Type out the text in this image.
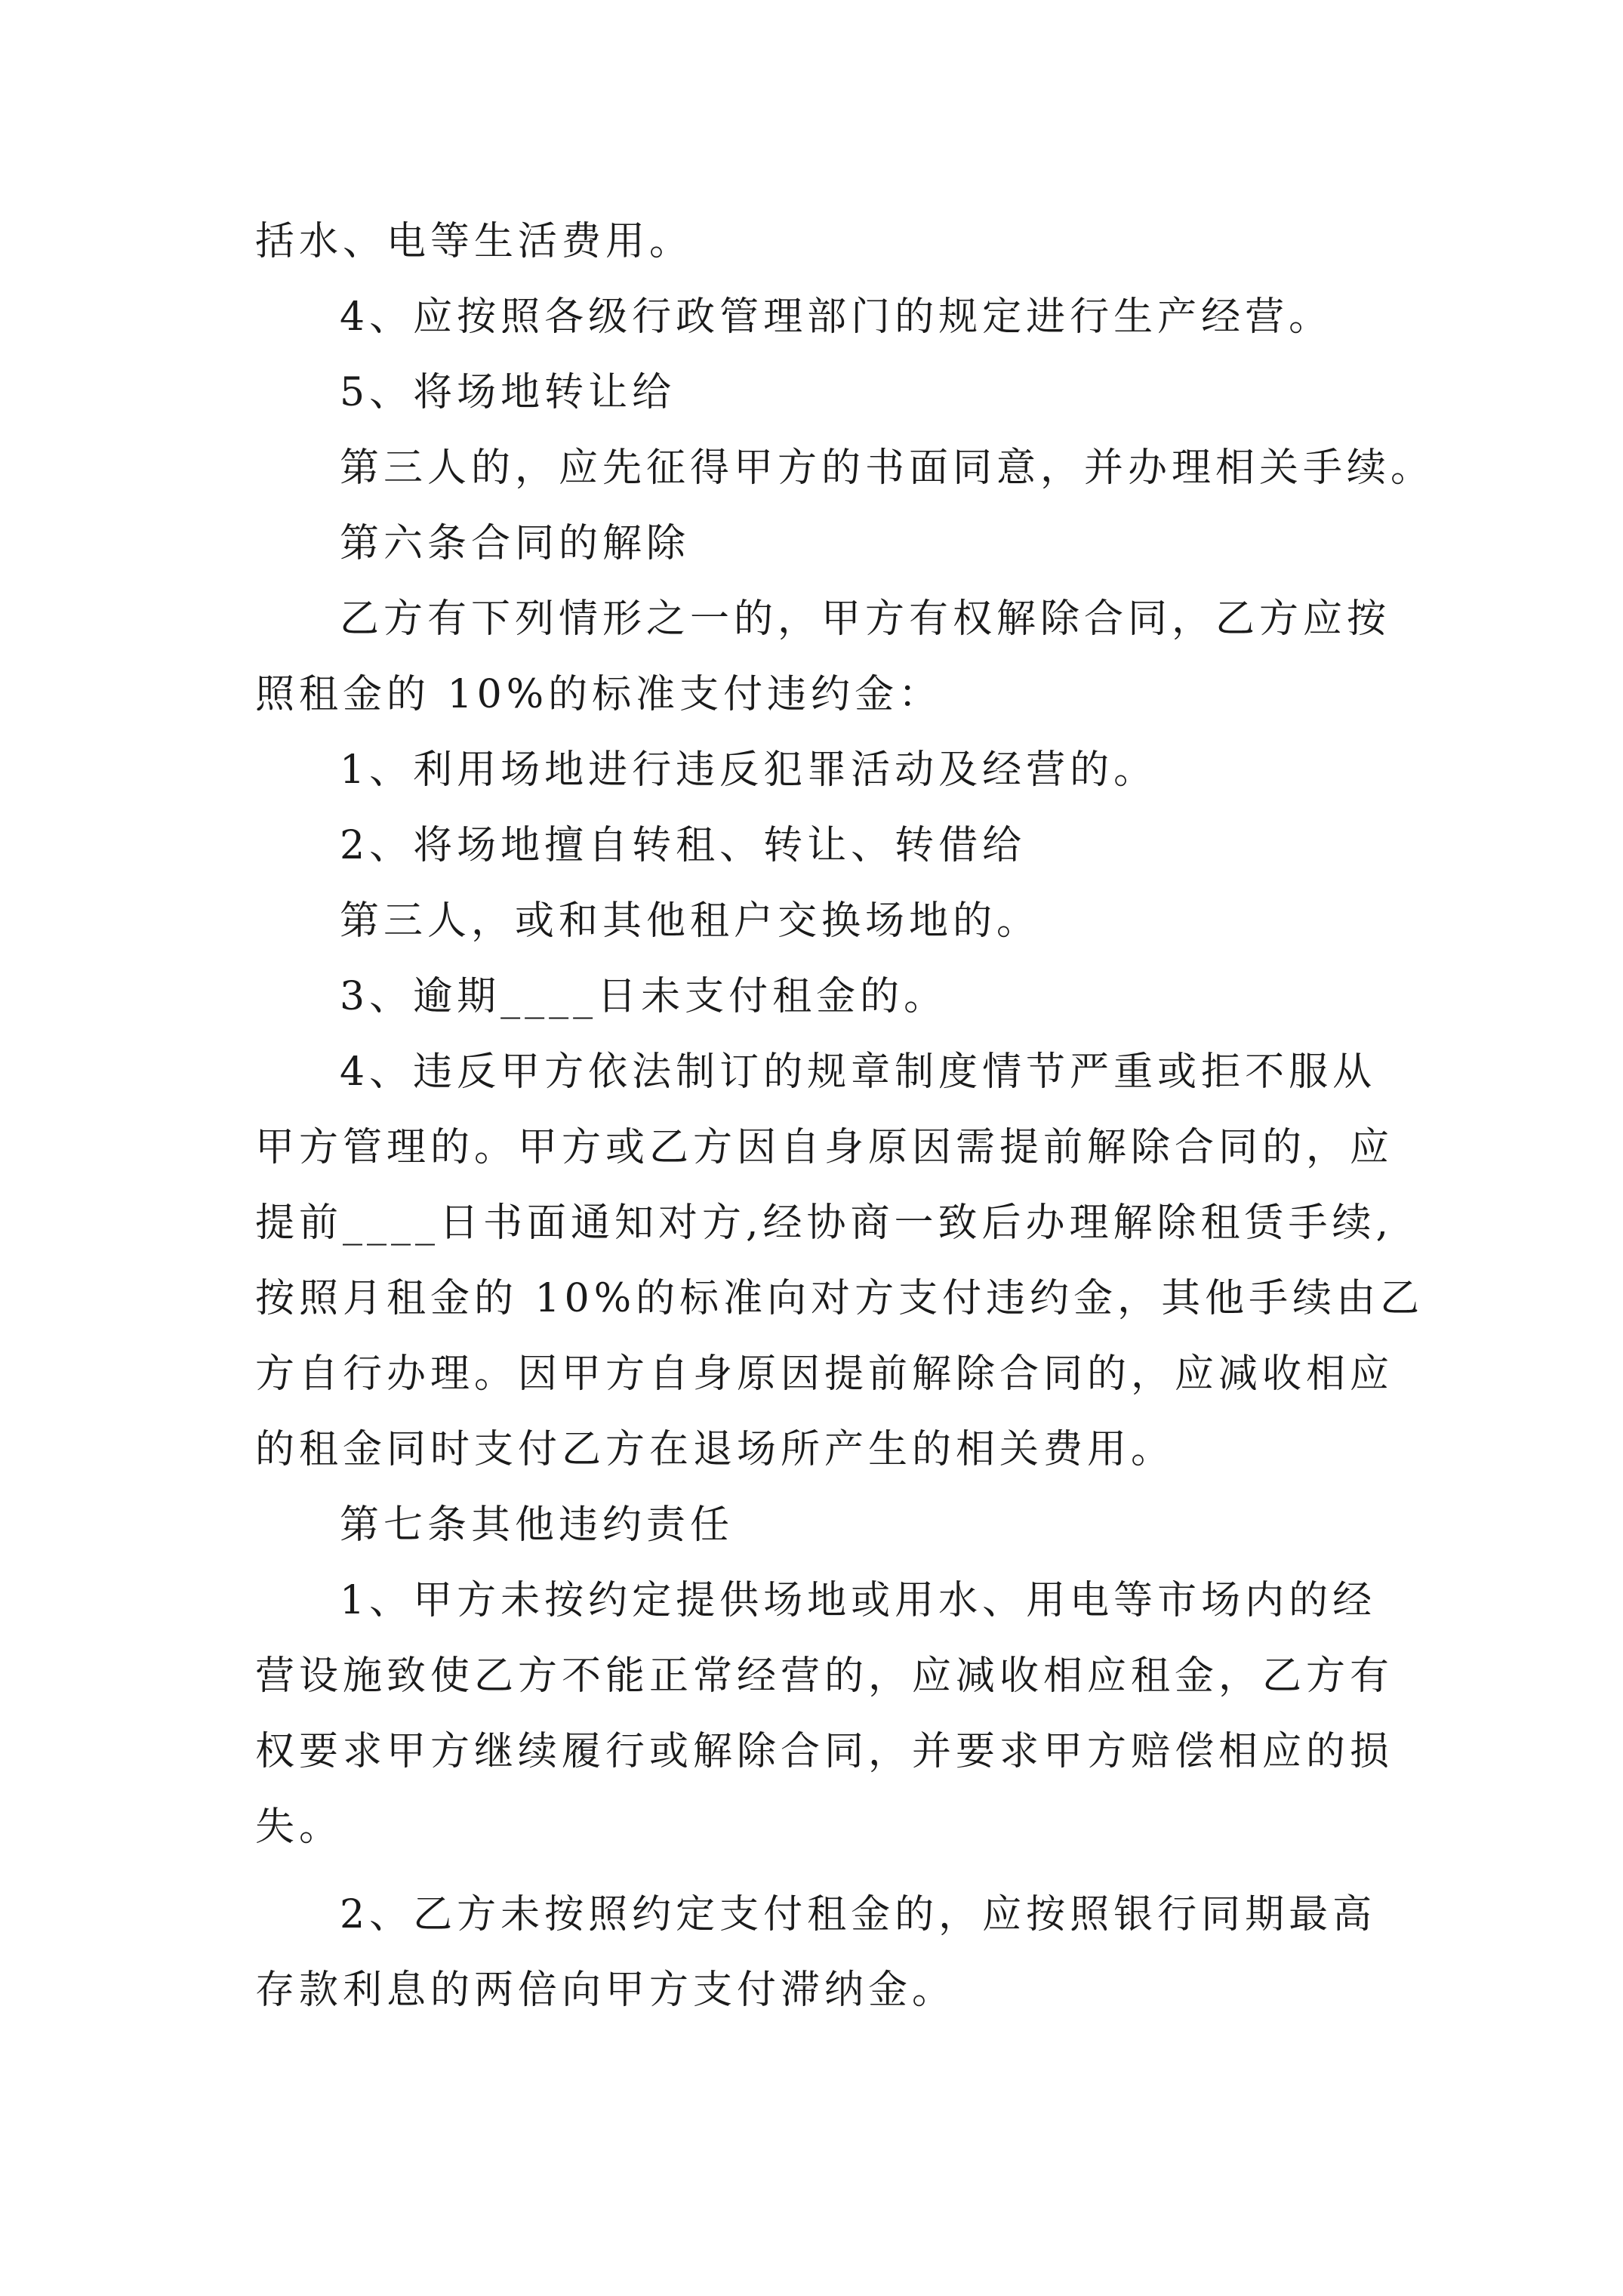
括水、电等生活费用。
4、应按照各级行政管理部门的规定进行生产经营。
5、将场地转让给
第三人的，应先征得甲方的书面同意，并办理相关手续。
第六条合同的解除
乙方有下列情形之一的，甲方有权解除合同，乙方应按
照租金的 10%的标准支付违约金：
1、利用场地进行违反犯罪活动及经营的。
2、将场地擅自转租、转让、转借给
第三人，或和其他租户交换场地的。
3、逾期____日未支付租金的。
4、违反甲方依法制订的规章制度情节严重或拒不服从
甲方管理的。甲方或乙方因自身原因需提前解除合同的，应
提前____日书面通知对方,经协商一致后办理解除租赁手续,
按照月租金的 10%的标准向对方支付违约金，其他手续由乙
方自行办理。因甲方自身原因提前解除合同的，应减收相应
的租金同时支付乙方在退场所产生的相关费用。
第七条其他违约责任
1、甲方未按约定提供场地或用水、用电等市场内的经
营设施致使乙方不能正常经营的，应减收相应租金，乙方有
权要求甲方继续履行或解除合同，并要求甲方赔偿相应的损
失。
2、乙方未按照约定支付租金的，应按照银行同期最高
存款利息的两倍向甲方支付滞纳金。
